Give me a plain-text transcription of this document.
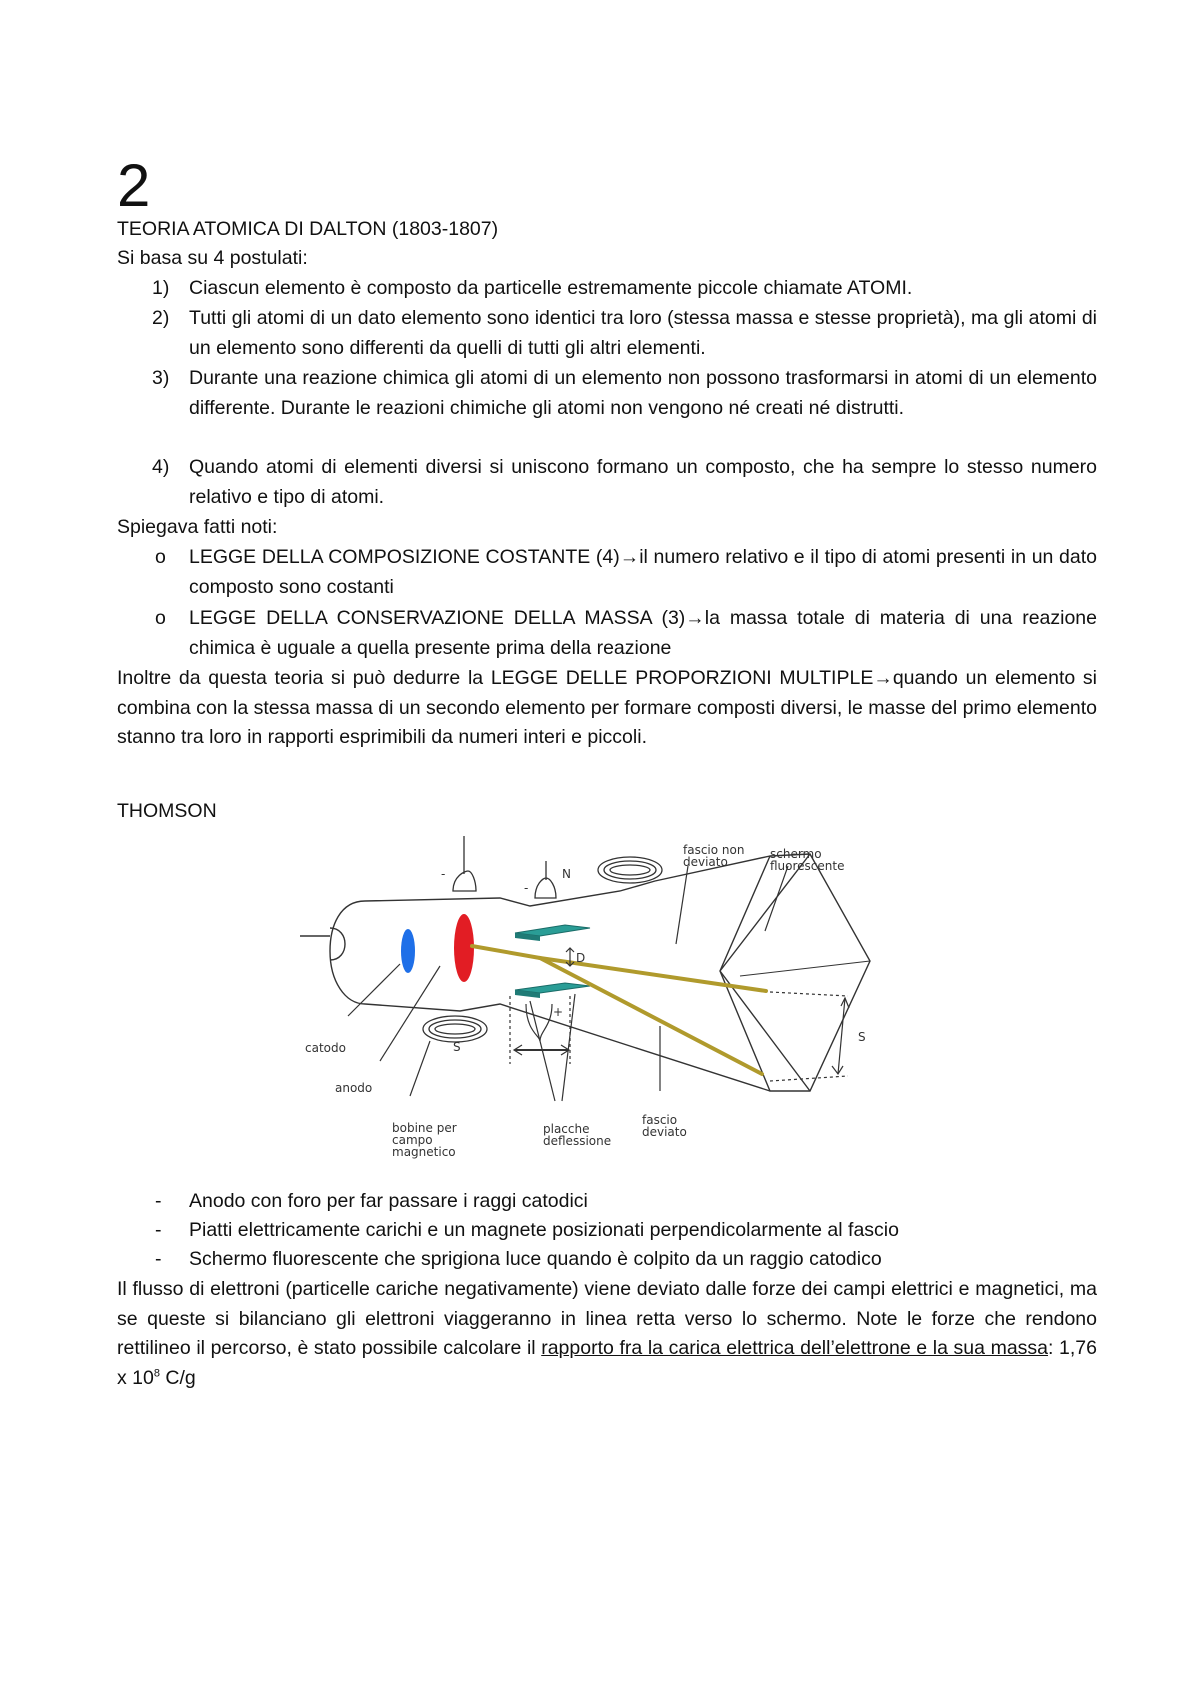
2
TEORIA ATOMICA DI DALTON (1803-1807)
Si basa su 4 postulati:
1)	Ciascun elemento è composto da particelle estremamente piccole chiamate ATOMI.
2)	Tutti gli atomi di un dato elemento sono identici tra loro (stessa massa e stesse proprietà), ma gli atomi di un elemento sono differenti da quelli di tutti gli altri elementi.
3)	Durante una reazione chimica gli atomi di un elemento non possono trasformarsi in atomi di un elemento differente. Durante le reazioni chimiche gli atomi non vengono né creati né distrutti.
4)	Quando atomi di elementi diversi si uniscono formano un composto, che ha sempre lo stesso numero relativo e tipo di atomi.
Spiegava fatti noti:
o	LEGGE DELLA COMPOSIZIONE COSTANTE (4)→il numero relativo e il tipo di atomi presenti in un dato composto sono costanti
o	LEGGE DELLA CONSERVAZIONE DELLA MASSA (3)→la massa totale di materia di una reazione chimica è uguale a quella presente prima della reazione
Inoltre da questa teoria si può dedurre la LEGGE DELLE PROPORZIONI MULTIPLE→quando un elemento si combina con la stessa massa di un secondo elemento per formare composti diversi, le masse del primo elemento stanno tra loro in rapporti esprimibili da numeri interi e piccoli.
THOMSON
-
-
N
S
D
+
S
fascio non
deviato
schermo
fluorescente
catodo
anodo
bobine per
campo
magnetico
placche
deflessione
fascio
deviato
-	Anodo con foro per far passare i raggi catodici
-	Piatti elettricamente carichi e un magnete posizionati perpendicolarmente al fascio
-	Schermo fluorescente che sprigiona luce quando è colpito da un raggio catodico
Il flusso di elettroni (particelle cariche negativamente) viene deviato dalle forze dei campi elettrici e magnetici, ma se queste si bilanciano gli elettroni viaggeranno in linea retta verso lo schermo. Note le forze che rendono rettilineo il percorso, è stato possibile calcolare il rapporto fra la carica elettrica dell’elettrone e la sua massa: 1,76 x $10^8$ C/g
